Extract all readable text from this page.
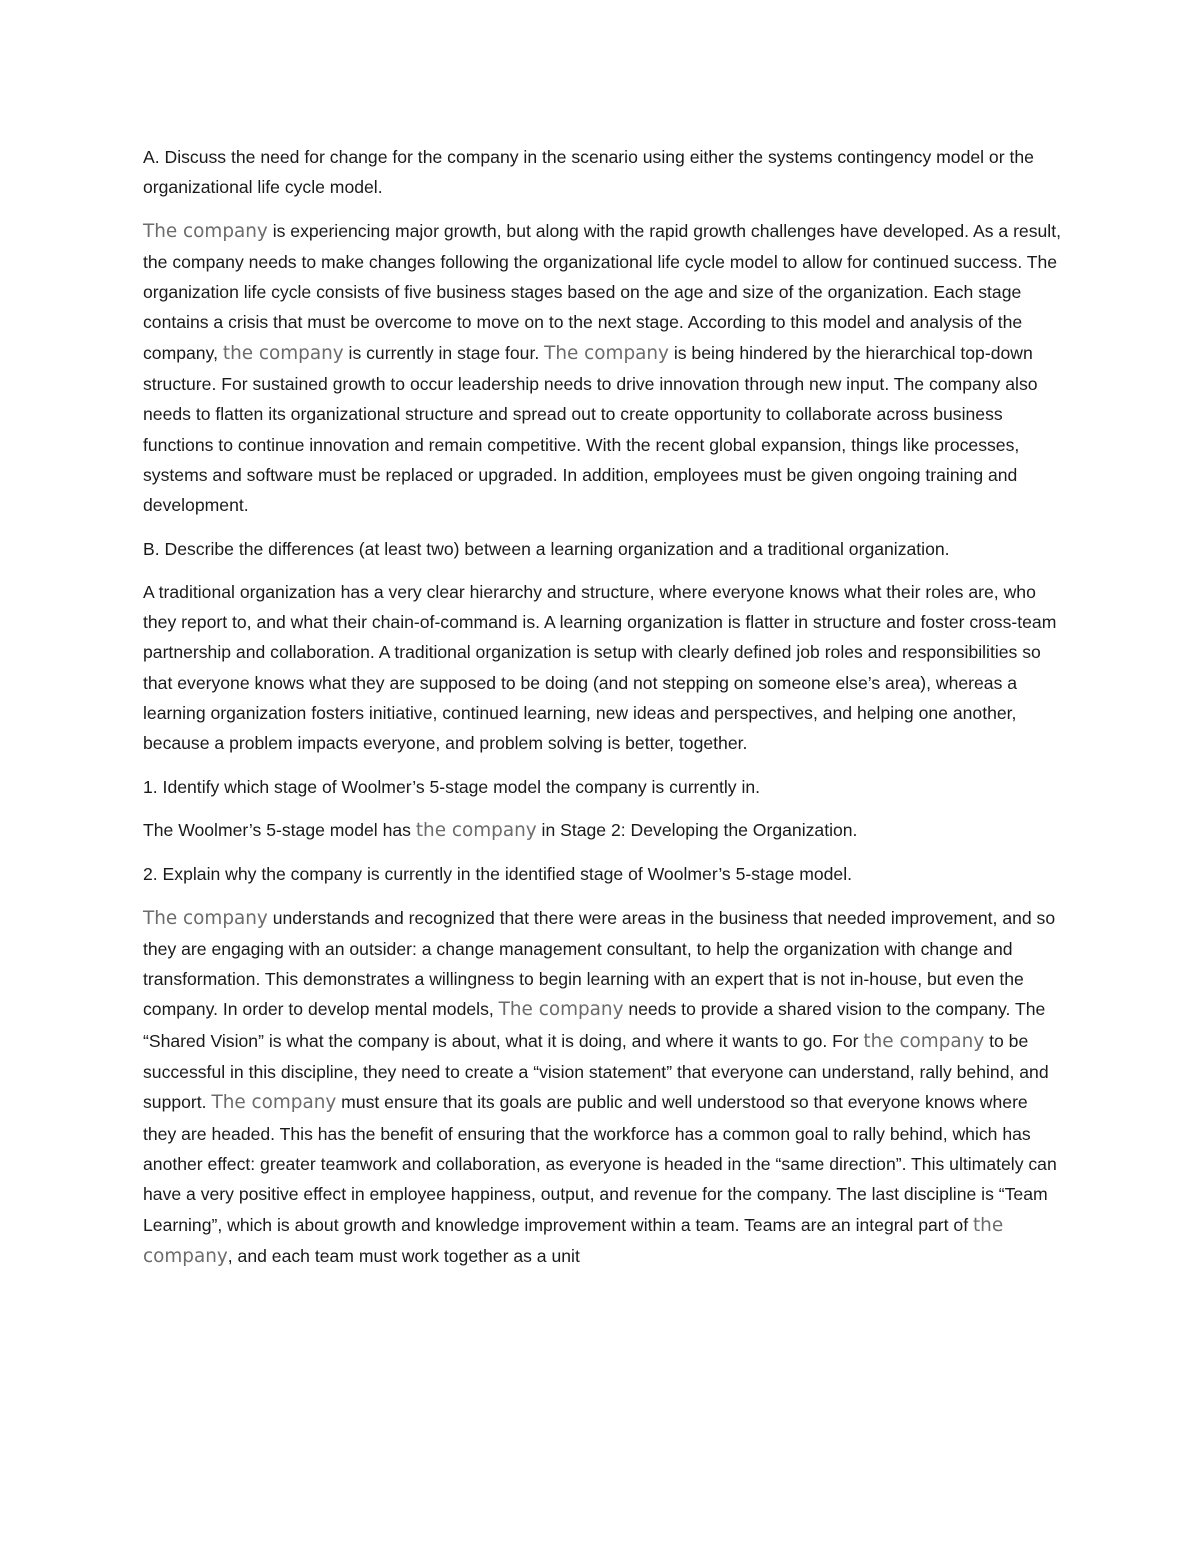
A. Discuss the need for change for the company in the scenario using either the systems contingency model or the organizational life cycle model.

The company is experiencing major growth, but along with the rapid growth challenges have developed. As a result, the company needs to make changes following the organizational life cycle model to allow for continued success. The organization life cycle consists of five business stages based on the age and size of the organization. Each stage contains a crisis that must be overcome to move on to the next stage. According to this model and analysis of the company, the company is currently in stage four. The company is being hindered by the hierarchical top-down structure. For sustained growth to occur leadership needs to drive innovation through new input. The company also needs to flatten its organizational structure and spread out to create opportunity to collaborate across business functions to continue innovation and remain competitive. With the recent global expansion, things like processes, systems and software must be replaced or upgraded. In addition, employees must be given ongoing training and development.

B. Describe the differences (at least two) between a learning organization and a traditional organization.

A traditional organization has a very clear hierarchy and structure, where everyone knows what their roles are, who they report to, and what their chain-of-command is. A learning organization is flatter in structure and foster cross-team partnership and collaboration. A traditional organization is setup with clearly defined job roles and responsibilities so that everyone knows what they are supposed to be doing (and not stepping on someone else’s area), whereas a learning organization fosters initiative, continued learning, new ideas and perspectives, and helping one another, because a problem impacts everyone, and problem solving is better, together.

1. Identify which stage of Woolmer’s 5-stage model the company is currently in.

The Woolmer’s 5-stage model has the company in Stage 2: Developing the Organization.

2. Explain why the company is currently in the identified stage of Woolmer’s 5-stage model.

The company understands and recognized that there were areas in the business that needed improvement, and so they are engaging with an outsider: a change management consultant, to help the organization with change and transformation. This demonstrates a willingness to begin learning with an expert that is not in-house, but even the company. In order to develop mental models, The company needs to provide a shared vision to the company. The “Shared Vision” is what the company is about, what it is doing, and where it wants to go. For the company to be successful in this discipline, they need to create a “vision statement” that everyone can understand, rally behind, and support. The company must ensure that its goals are public and well understood so that everyone knows where they are headed. This has the benefit of ensuring that the workforce has a common goal to rally behind, which has another effect: greater teamwork and collaboration, as everyone is headed in the “same direction”. This ultimately can have a very positive effect in employee happiness, output, and revenue for the company. The last discipline is “Team Learning”, which is about growth and knowledge improvement within a team. Teams are an integral part of the company, and each team must work together as a unit
